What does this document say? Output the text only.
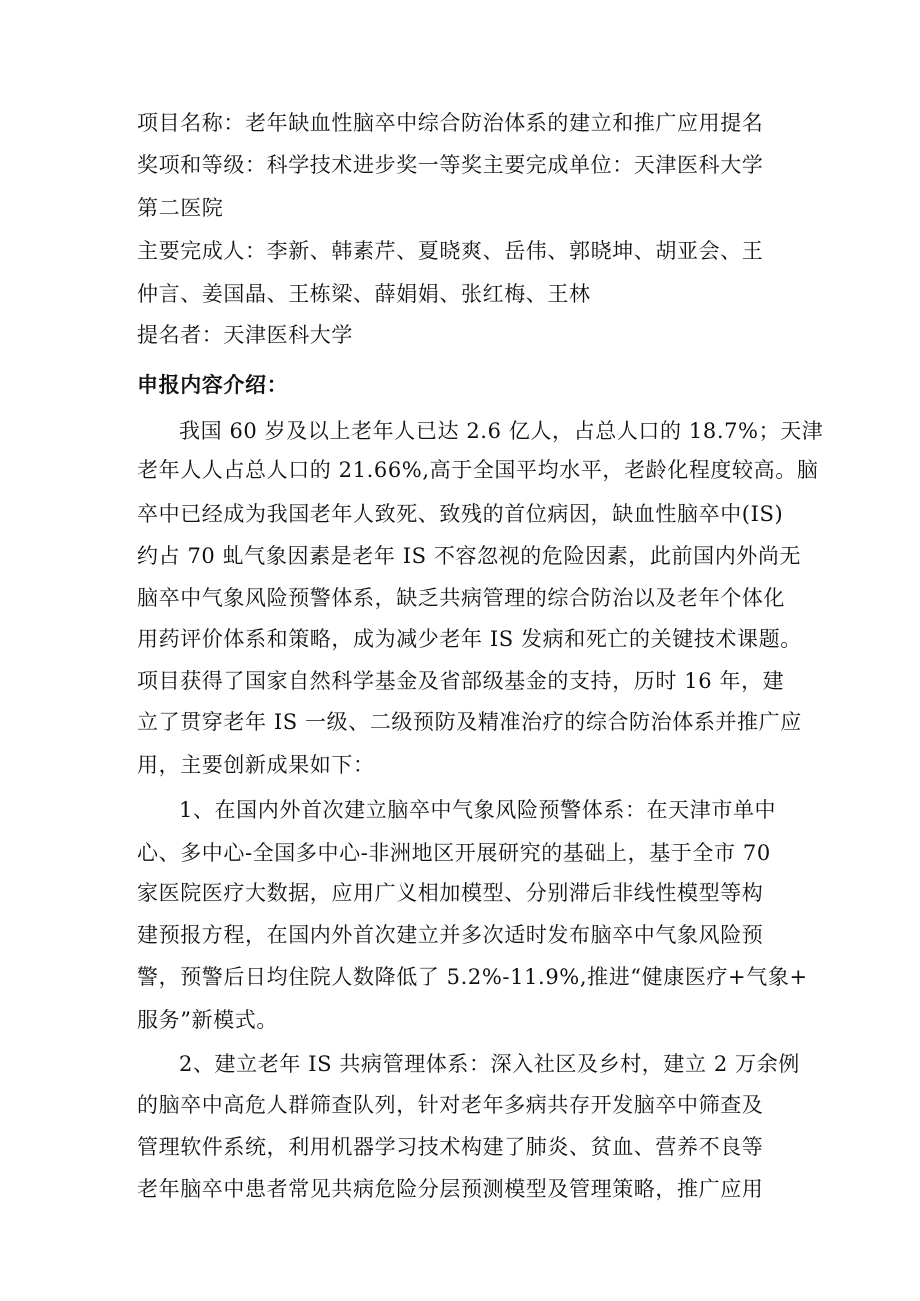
项目名称：老年缺血性脑卒中综合防治体系的建立和推广应用提名
奖项和等级：科学技术进步奖一等奖主要完成单位：天津医科大学
第二医院
主要完成人：李新、韩素芹、夏晓爽、岳伟、郭晓坤、胡亚会、王
仲言、姜国晶、王栋梁、薛娟娟、张红梅、王林
提名者：天津医科大学
申报内容介绍：
我国 60 岁及以上老年人已达 2.6 亿人，占总人口的 18.7%；天津
老年人人占总人口的 21.66%,高于全国平均水平，老龄化程度较高。脑
卒中已经成为我国老年人致死、致残的首位病因，缺血性脑卒中(IS)
约占 70 虬气象因素是老年 IS 不容忽视的危险因素，此前国内外尚无
脑卒中气象风险预警体系，缺乏共病管理的综合防治以及老年个体化
用药评价体系和策略，成为减少老年 IS 发病和死亡的关键技术课题。
项目获得了国家自然科学基金及省部级基金的支持，历时 16 年，建
立了贯穿老年 IS 一级、二级预防及精准治疗的综合防治体系并推广应
用，主要创新成果如下：
1、在国内外首次建立脑卒中气象风险预警体系：在天津市单中
心、多中心-全国多中心-非洲地区开展研究的基础上，基于全市 70
家医院医疗大数据，应用广义相加模型、分别滞后非线性模型等构
建预报方程，在国内外首次建立并多次适时发布脑卒中气象风险预
警，预警后日均住院人数降低了 5.2%-11.9%,推进“健康医疗+气象+
服务”新模式。
2、建立老年 IS 共病管理体系：深入社区及乡村，建立 2 万余例
的脑卒中高危人群筛查队列，针对老年多病共存开发脑卒中筛查及
管理软件系统，利用机器学习技术构建了肺炎、贫血、营养不良等
老年脑卒中患者常见共病危险分层预测模型及管理策略，推广应用
